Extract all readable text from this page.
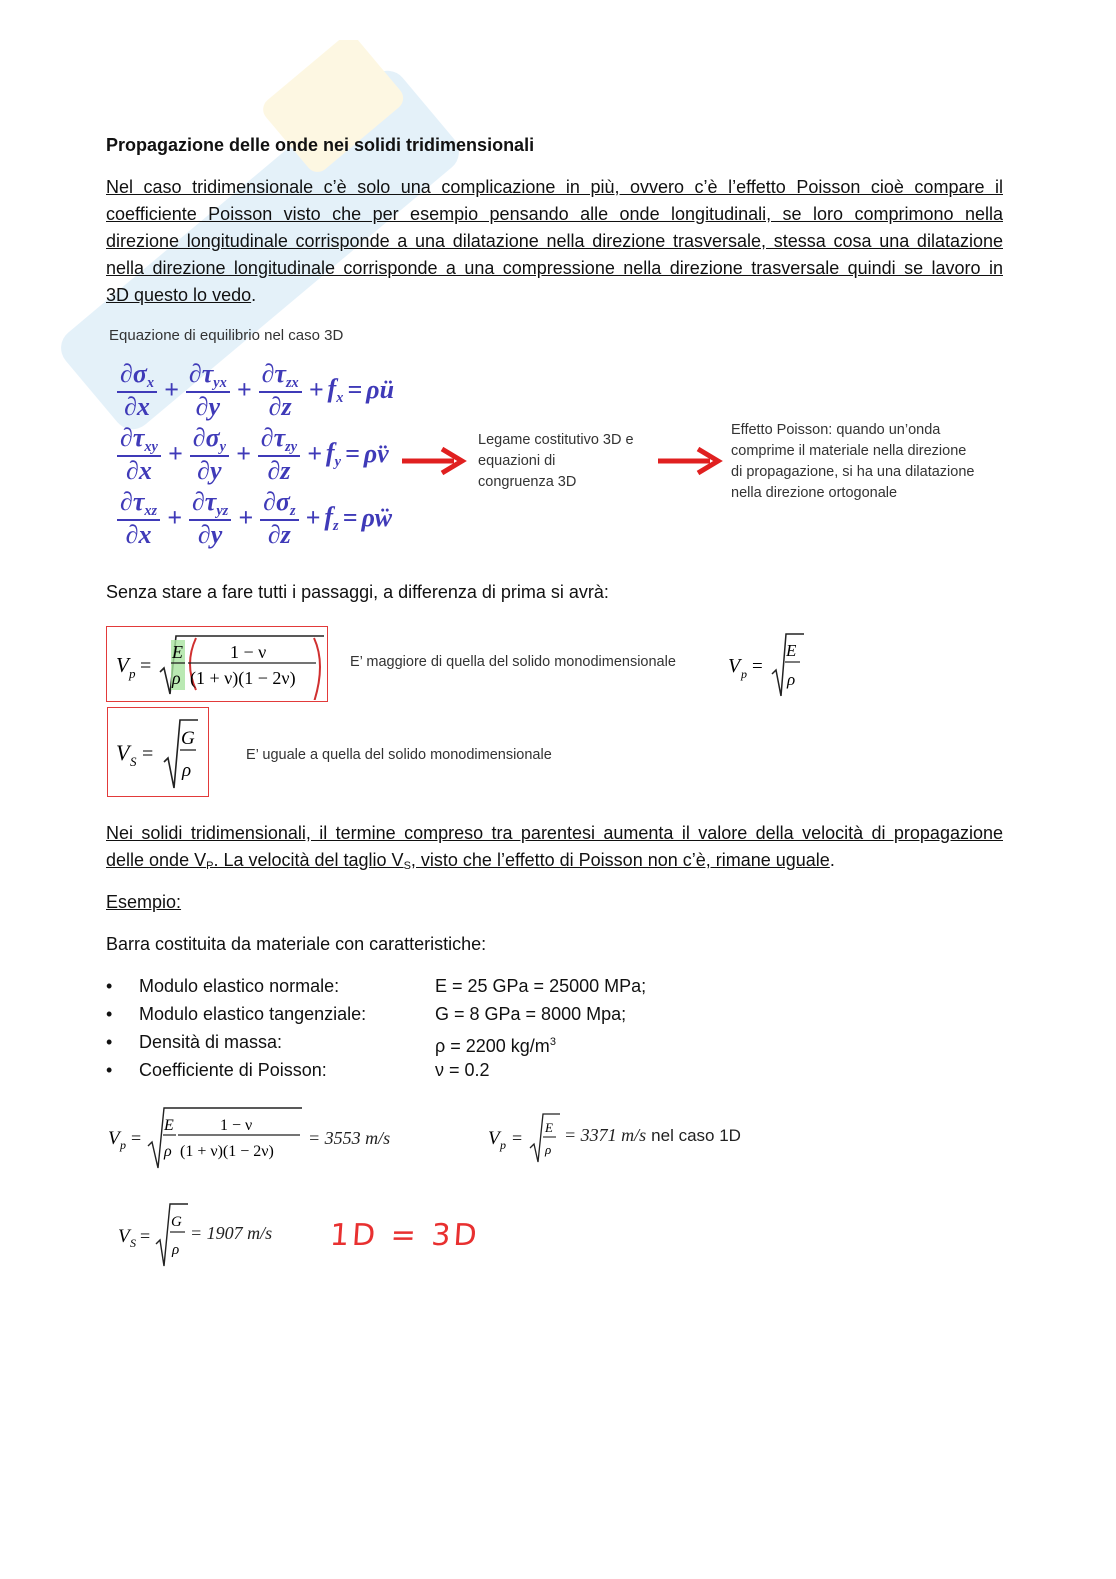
Propagazione delle onde nei solidi tridimensionali
Nel caso tridimensionale c’è solo una complicazione in più, ovvero c’è l’effetto Poisson cioè compare il
coefficiente Poisson visto che per esempio pensando alle onde longitudinali, se loro comprimono nella
direzione longitudinale corrisponde a una dilatazione nella direzione trasversale, stessa cosa una dilatazione
nella direzione longitudinale corrisponde a una compressione nella direzione trasversale quindi se lavoro in
3D questo lo vedo.
Equazione di equilibrio nel caso 3D
$\frac{\partial\sigma_x}{\partial x} + \frac{\partial\tau_{yx}}{\partial y} + \frac{\partial\tau_{zx}}{\partial z} + f_x$ = ρü
$\frac{\partial\tau_{xy}}{\partial x} + \frac{\partial\sigma_y}{\partial y} + \frac{\partial\tau_{zy}}{\partial z} + f_y$ = ρv̈
$\frac{\partial\tau_{xz}}{\partial x} + \frac{\partial\tau_{yz}}{\partial y} + \frac{\partial\sigma_z}{\partial z} + f_z$ = ρẅ
Legame costitutivo 3D e
equazioni di
congruenza 3D
Effetto Poisson: quando un’onda
comprime il materiale nella direzione
di propagazione, si ha una dilatazione
nella direzione ortogonale
Senza stare a fare tutti i passaggi, a differenza di prima si avrà:
V p =
E
ρ
1 − ν
(1 + ν)(1 − 2ν)
E’ maggiore di quella del solido monodimensionale	V p =
E
ρ
V S =
G
ρ
E’ uguale a quella del solido monodimensionale
Nei solidi tridimensionali, il termine compreso tra parentesi aumenta il valore della velocità di propagazione
delle onde VP. La velocità del taglio VS, visto che l’effetto di Poisson non c’è, rimane uguale.
Esempio:
Barra costituita da materiale con caratteristiche:
• Modulo elastico normale:	E = 25 GPa = 25000 MPa;
• Modulo elastico tangenziale:	G = 8 GPa = 8000 Mpa;
• Densità di massa:	ρ = 2200 $kg/m^3$
• Coefficiente di Poisson:	ν = 0.2
V p =
E
ρ
1 − ν
(1 + ν)(1 − 2ν)
= 3553 m/s	V p =
E
ρ
= 3371 m/s nel caso 1D
V S =
G
ρ
= 1907 m/s 1D = 3D
